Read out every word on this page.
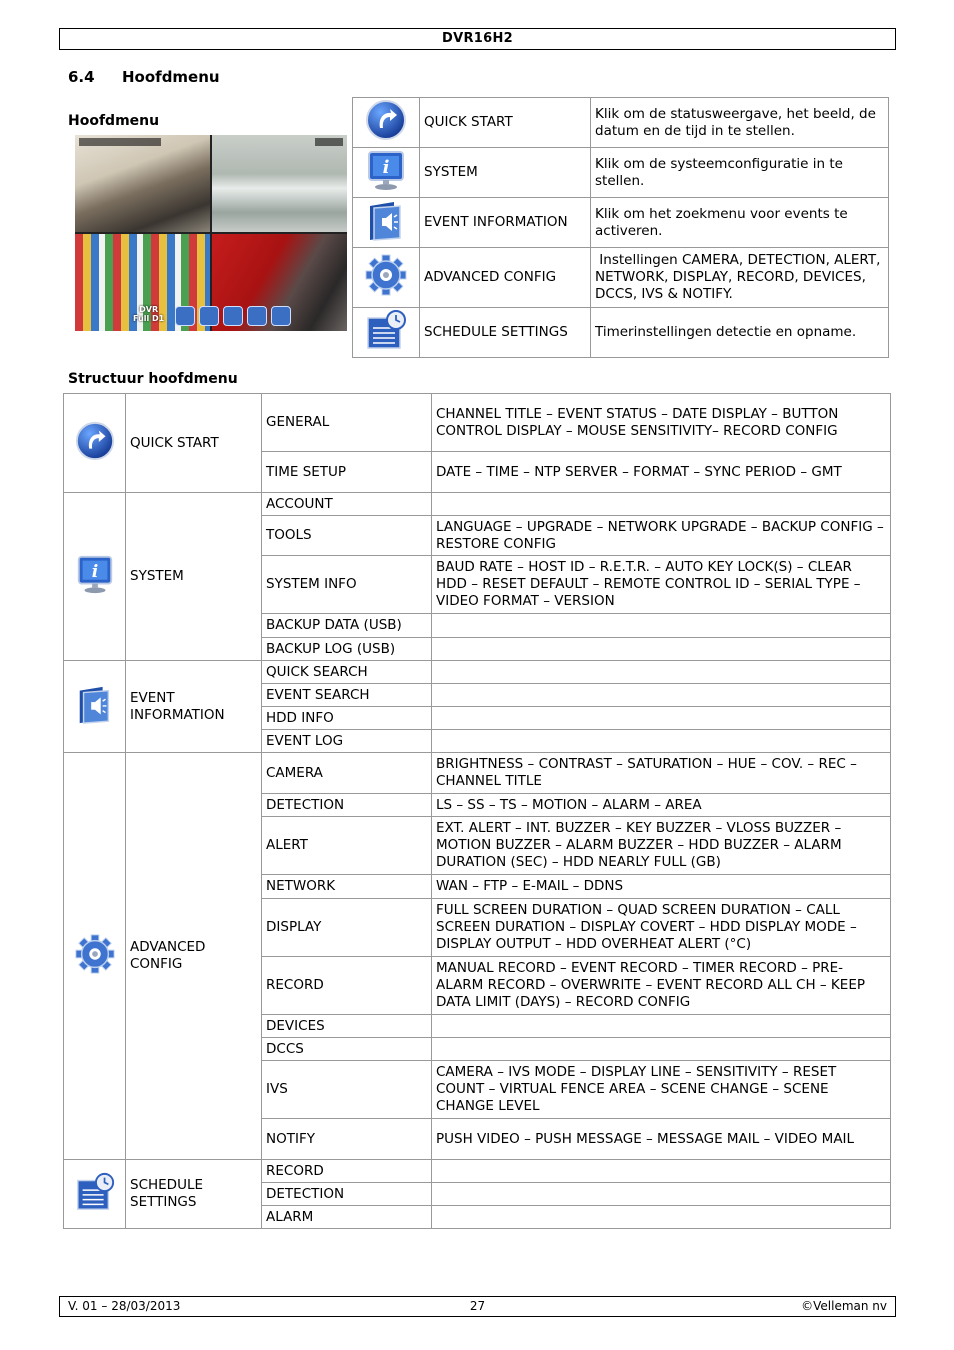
DVR16H2
6.4 Hoofdmenu
Hoofdmenu
DVR
Full D1
	QUICK START	Klik om de statusweergave, het beeld, de datum en de tijd in te stellen.

i	SYSTEM	Klik om de systeemconfiguratie in te stellen.
	EVENT INFORMATION	Klik om het zoekmenu voor events te activeren.
	ADVANCED CONFIG	Instellingen CAMERA, DETECTION, ALERT, NETWORK, DISPLAY, RECORD, DEVICES, DCCS, IVS & NOTIFY.
	SCHEDULE SETTINGS	Timerinstellingen detectie en opname.
Structuur hoofdmenu
	QUICK START	GENERAL	CHANNEL TITLE – EVENT STATUS – DATE DISPLAY – BUTTON CONTROL DISPLAY – MOUSE SENSITIVITY– RECORD CONFIG
		TIME SETUP	DATE – TIME – NTP SERVER – FORMAT – SYNC PERIOD – GMT

i	SYSTEM	ACCOUNT	
		TOOLS	LANGUAGE – UPGRADE – NETWORK UPGRADE – BACKUP CONFIG – RESTORE CONFIG
		SYSTEM INFO	BAUD RATE – HOST ID – R.E.T.R. – AUTO KEY LOCK(S) – CLEAR HDD – RESET DEFAULT – REMOTE CONTROL ID – SERIAL TYPE – VIDEO FORMAT – VERSION
		BACKUP DATA (USB)	
		BACKUP LOG (USB)	
	EVENT INFORMATION	QUICK SEARCH	
		EVENT SEARCH	
		HDD INFO	
		EVENT LOG	
	ADVANCED CONFIG	CAMERA	BRIGHTNESS – CONTRAST – SATURATION – HUE – COV. – REC – CHANNEL TITLE
		DETECTION	LS – SS – TS – MOTION – ALARM – AREA
		ALERT	EXT. ALERT – INT. BUZZER – KEY BUZZER – VLOSS BUZZER – MOTION BUZZER – ALARM BUZZER – HDD BUZZER – ALARM DURATION (SEC) – HDD NEARLY FULL (GB)
		NETWORK	WAN – FTP – E-MAIL – DDNS
		DISPLAY	FULL SCREEN DURATION – QUAD SCREEN DURATION – CALL SCREEN DURATION – DISPLAY COVERT – HDD DISPLAY MODE – DISPLAY OUTPUT – HDD OVERHEAT ALERT (°C)
		RECORD	MANUAL RECORD – EVENT RECORD – TIMER RECORD – PRE-ALARM RECORD – OVERWRITE – EVENT RECORD ALL CH – KEEP DATA LIMIT (DAYS) – RECORD CONFIG
		DEVICES	
		DCCS	
		IVS	CAMERA – IVS MODE – DISPLAY LINE – SENSITIVITY – RESET COUNT – VIRTUAL FENCE AREA – SCENE CHANGE – SCENE CHANGE LEVEL
		NOTIFY	PUSH VIDEO – PUSH MESSAGE – MESSAGE MAIL – VIDEO MAIL
	SCHEDULE SETTINGS	RECORD	
		DETECTION	
		ALARM	
V. 01 – 28/03/2013	27	©Velleman nv
